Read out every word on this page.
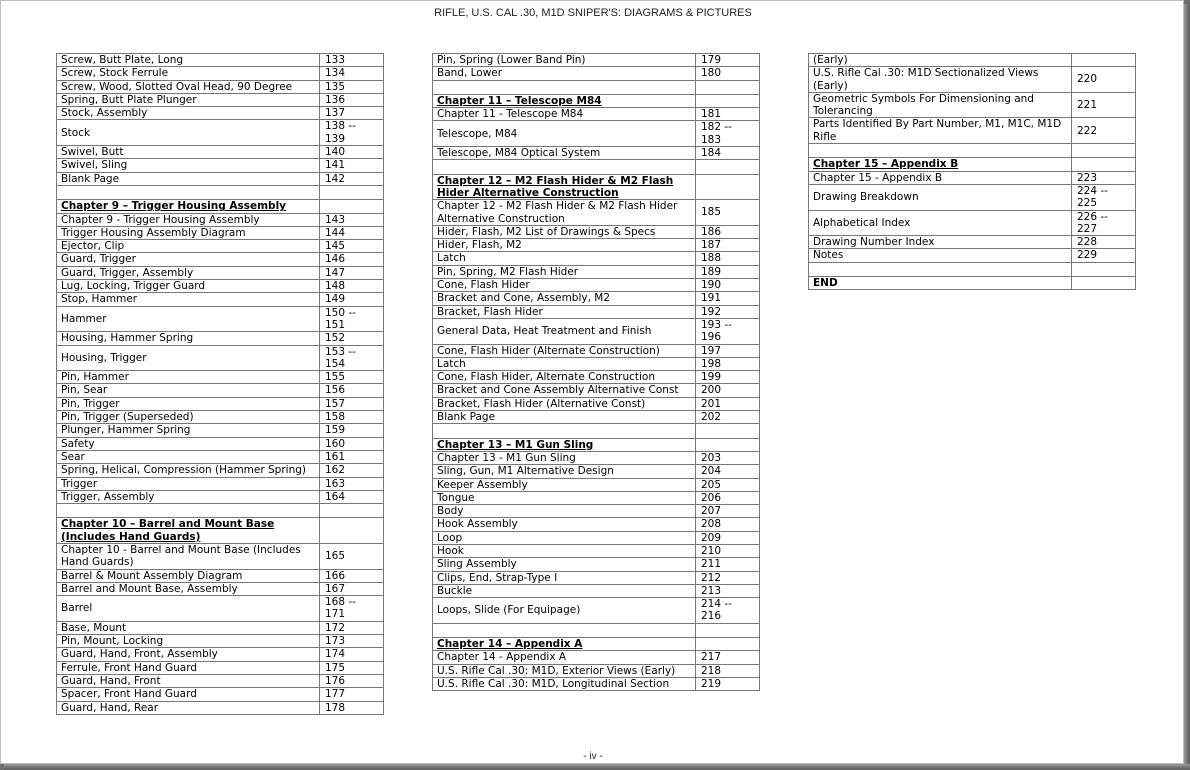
RIFLE, U.S. CAL .30, M1D SNIPER'S: DIAGRAMS & PICTURES
Screw, Butt Plate, Long	133
Screw, Stock Ferrule	134
Screw, Wood, Slotted Oval Head, 90 Degree	135
Spring, Butt Plate Plunger	136
Stock, Assembly	137
Stock	138 -- 139
Swivel, Butt	140
Swivel, Sling	141
Blank Page	142

Chapter 9 – Trigger Housing Assembly	
Chapter 9 - Trigger Housing Assembly	143
Trigger Housing Assembly Diagram	144
Ejector, Clip	145
Guard, Trigger	146
Guard, Trigger, Assembly	147
Lug, Locking, Trigger Guard	148
Stop, Hammer	149
Hammer	150 -- 151
Housing, Hammer Spring	152
Housing, Trigger	153 -- 154
Pin, Hammer	155
Pin, Sear	156
Pin, Trigger	157
Pin, Trigger (Superseded)	158
Plunger, Hammer Spring	159
Safety	160
Sear	161
Spring, Helical, Compression (Hammer Spring)	162
Trigger	163
Trigger, Assembly	164

Chapter 10 – Barrel and Mount Base (Includes Hand Guards)	
Chapter 10 - Barrel and Mount Base (Includes Hand Guards)	165
Barrel & Mount Assembly Diagram	166
Barrel and Mount Base, Assembly	167
Barrel	168 -- 171
Base, Mount	172
Pin, Mount, Locking	173
Guard, Hand, Front, Assembly	174
Ferrule, Front Hand Guard	175
Guard, Hand, Front	176
Spacer, Front Hand Guard	177
Guard, Hand, Rear	178
Pin, Spring (Lower Band Pin)	179
Band, Lower	180

Chapter 11 – Telescope M84	
Chapter 11 - Telescope M84	181
Telescope, M84	182 -- 183
Telescope, M84 Optical System	184

Chapter 12 – M2 Flash Hider & M2 Flash Hider Alternative Construction	
Chapter 12 - M2 Flash Hider & M2 Flash Hider Alternative Construction	185
Hider, Flash, M2 List of Drawings & Specs	186
Hider, Flash, M2	187
Latch	188
Pin, Spring, M2 Flash Hider	189
Cone, Flash Hider	190
Bracket and Cone, Assembly, M2	191
Bracket, Flash Hider	192
General Data, Heat Treatment and Finish	193 -- 196
Cone, Flash Hider (Alternate Construction)	197
Latch	198
Cone, Flash Hider, Alternate Construction	199
Bracket and Cone Assembly Alternative Const	200
Bracket, Flash Hider (Alternative Const)	201
Blank Page	202

Chapter 13 – M1 Gun Sling	
Chapter 13 - M1 Gun Sling	203
Sling, Gun, M1 Alternative Design	204
Keeper Assembly	205
Tongue	206
Body	207
Hook Assembly	208
Loop	209
Hook	210
Sling Assembly	211
Clips, End, Strap-Type I	212
Buckle	213
Loops, Slide (For Equipage)	214 -- 216

Chapter 14 – Appendix A	
Chapter 14 - Appendix A	217
U.S. Rifle Cal .30: M1D, Exterior Views (Early)	218
U.S. Rifle Cal .30: M1D, Longitudinal Section	219
(Early)	
U.S. Rifle Cal .30: M1D Sectionalized Views (Early)	220
Geometric Symbols For Dimensioning and Tolerancing	221
Parts Identified By Part Number, M1, M1C, M1D Rifle	222

Chapter 15 – Appendix B	
Chapter 15 - Appendix B	223
Drawing Breakdown	224 -- 225
Alphabetical Index	226 -- 227
Drawing Number Index	228
Notes	229

END	
- iv -
